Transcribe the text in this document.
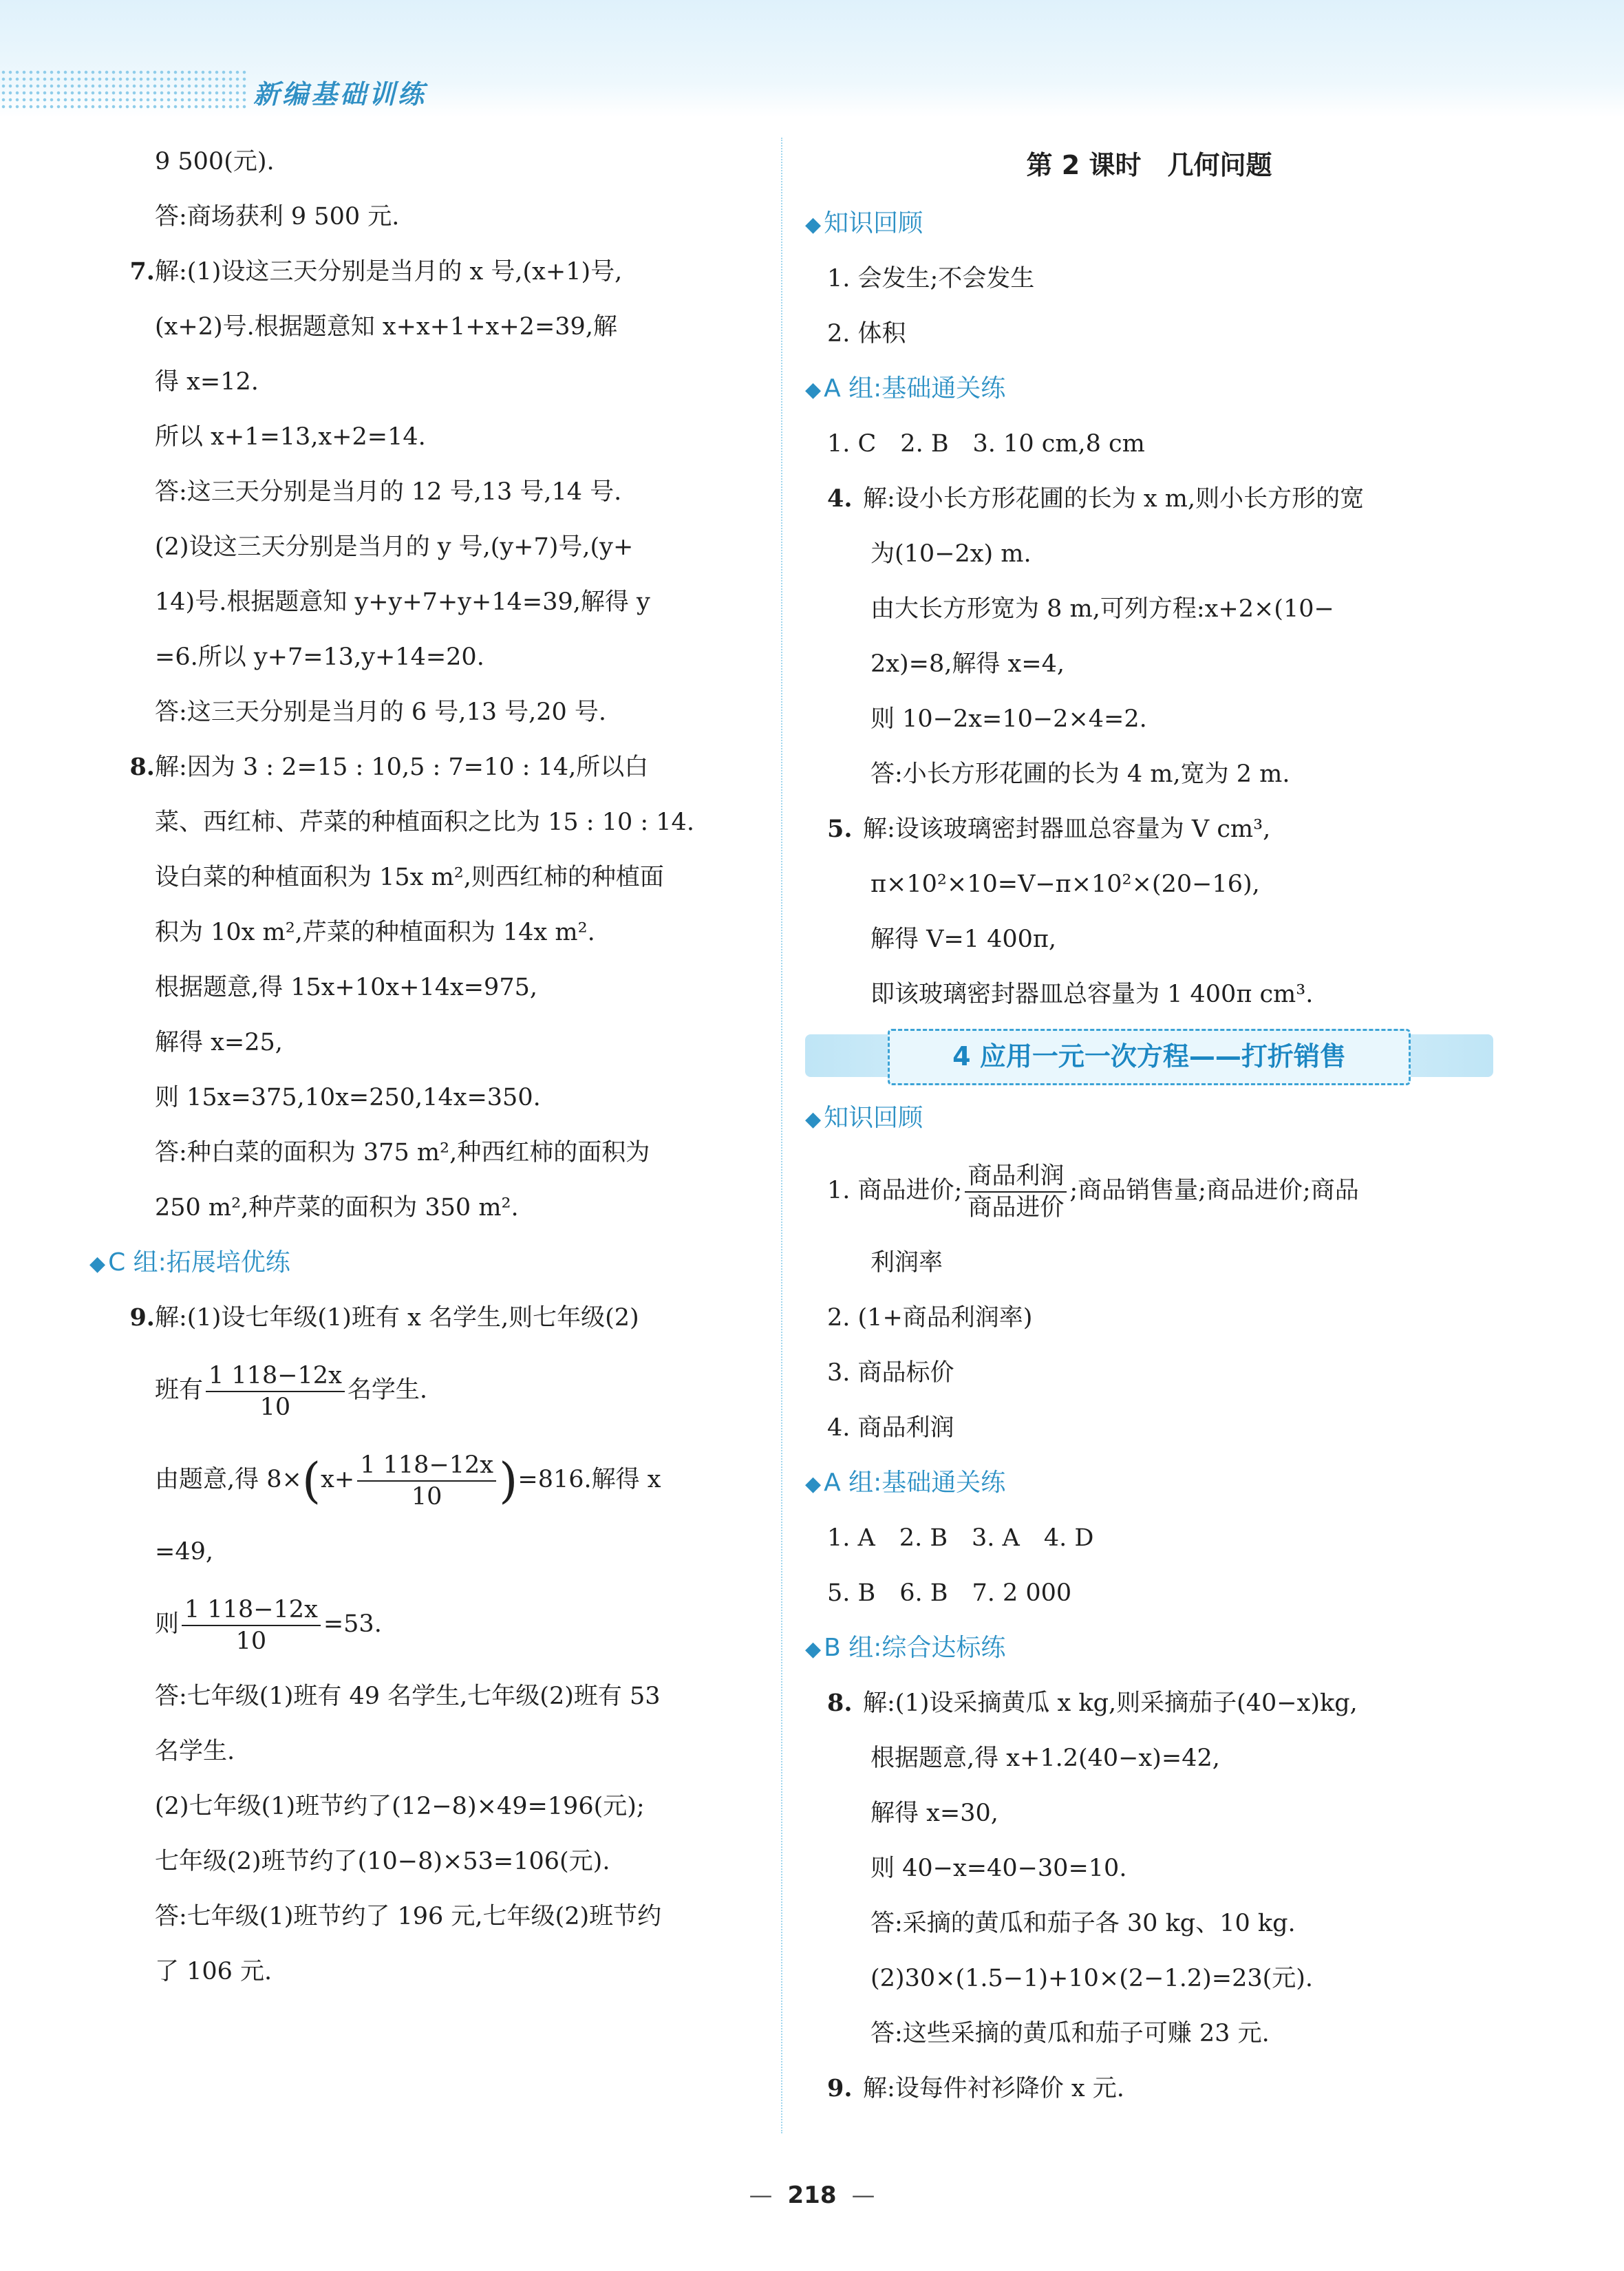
新编基础训练
9 500(元).
答:商场获利 9 500 元.
7.解:(1)设这三天分别是当月的 x 号,(x+1)号,
(x+2)号.根据题意知 x+x+1+x+2=39,解
得 x=12.
所以 x+1=13,x+2=14.
答:这三天分别是当月的 12 号,13 号,14 号.
(2)设这三天分别是当月的 y 号,(y+7)号,(y+
14)号.根据题意知 y+y+7+y+14=39,解得 y
=6.所以 y+7=13,y+14=20.
答:这三天分别是当月的 6 号,13 号,20 号.
8.解:因为 3 : 2=15 : 10,5 : 7=10 : 14,所以白
菜、西红柿、芹菜的种植面积之比为 15 : 10 : 14.
设白菜的种植面积为 15x m²,则西红柿的种植面
积为 10x m²,芹菜的种植面积为 14x m².
根据题意,得 15x+10x+14x=975,
解得 x=25,
则 15x=375,10x=250,14x=350.
答:种白菜的面积为 375 m²,种西红柿的面积为
250 m²,种芹菜的面积为 350 m².
◆ C 组:拓展培优练
9.解:(1)设七年级(1)班有 x 名学生,则七年级(2)
班有 $\frac{1 118-12x}{10}$ 名学生.
由题意,得 $8\times(x+ \frac{1 118-12x}{10} )=816$.解得 x
=49,
则 $\frac{1 118-12x}{10} =53$.
答:七年级(1)班有 49 名学生,七年级(2)班有 53
名学生.
(2)七年级(1)班节约了(12−8)×49=196(元);
七年级(2)班节约了(10−8)×53=106(元).
答:七年级(1)班节约了 196 元,七年级(2)班节约
了 106 元.
第 2 课时　几何问题
◆ 知识回顾
1. 会发生;不会发生
2. 体积
◆ A 组:基础通关练
1. C　2. B　3. 10 cm,8 cm
4. 解:设小长方形花圃的长为 x m,则小长方形的宽
为(10−2x) m.
由大长方形宽为 8 m,可列方程:x+2×(10−
2x)=8,解得 x=4,
则 10−2x=10−2×4=2.
答:小长方形花圃的长为 4 m,宽为 2 m.
5. 解:设该玻璃密封器皿总容量为 V cm³,
π×10²×10=V−π×10²×(20−16),
解得 V=1 400π,
即该玻璃密封器皿总容量为 1 400π cm³.
4 应用一元一次方程——打折销售
◆ 知识回顾
1. 商品进价; $\frac{\text{商品利润}}{\text{商品进价}}$ ;商品销售量;商品进价;商品
利润率
2. (1+商品利润率)
3. 商品标价
4. 商品利润
◆ A 组:基础通关练
1. A　2. B　3. A　4. D
5. B　6. B　7. 2 000
◆ B 组:综合达标练
8. 解:(1)设采摘黄瓜 x kg,则采摘茄子(40−x)kg,
根据题意,得 x+1.2(40−x)=42,
解得 x=30,
则 40−x=40−30=10.
答:采摘的黄瓜和茄子各 30 kg、10 kg.
(2)30×(1.5−1)+10×(2−1.2)=23(元).
答:这些采摘的黄瓜和茄子可赚 23 元.
9. 解:设每件衬衫降价 x 元.
— 218 —
